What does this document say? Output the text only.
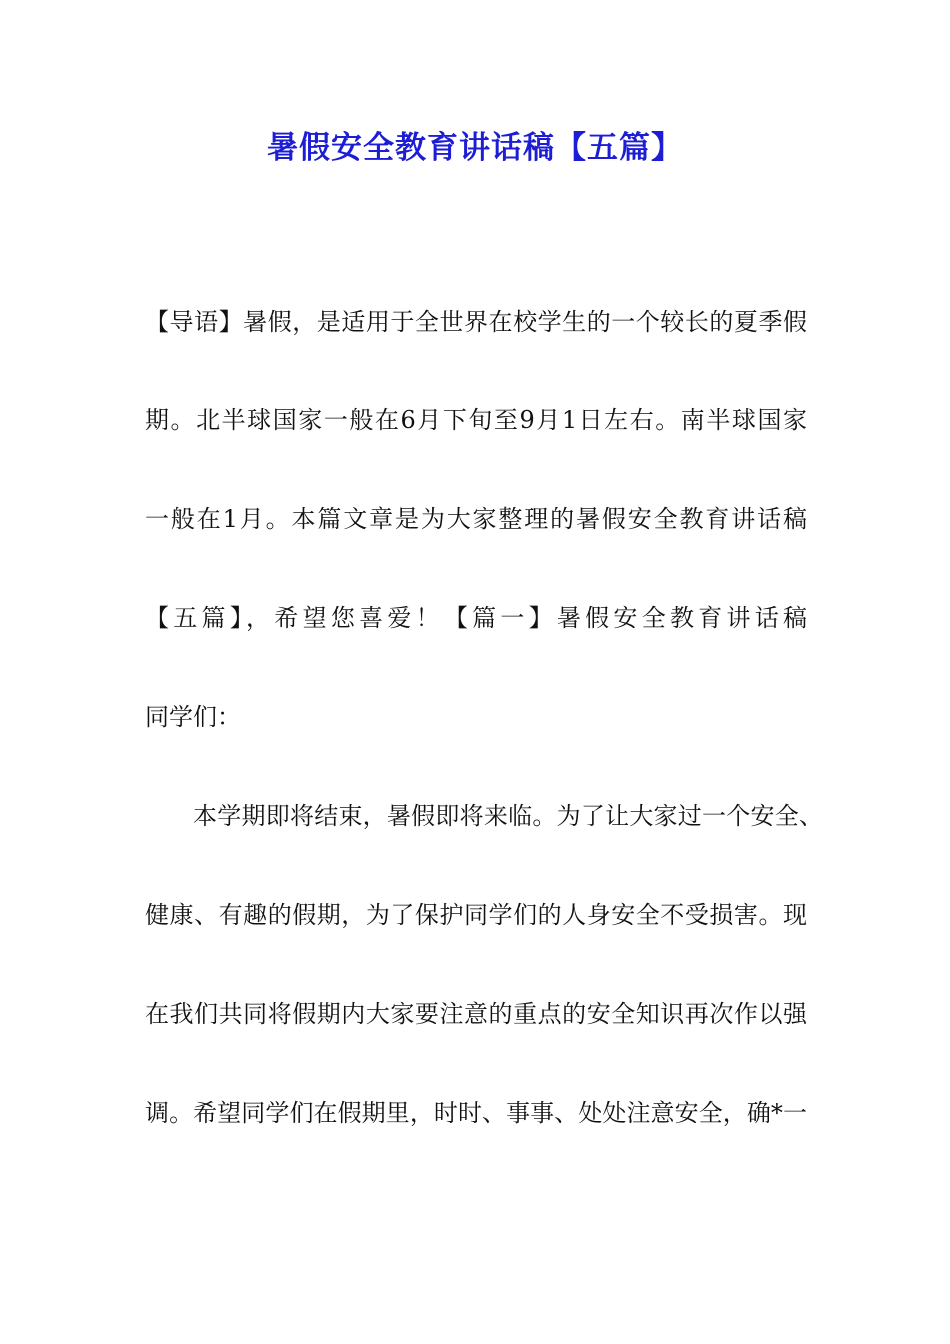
暑假安全教育讲话稿【五篇】
【导语】暑假，是适用于全世界在校学生的一个较长的夏季假
期。北半球国家一般在6月下旬至9月1日左右。南半球国家
一般在1月。本篇文章是为大家整理的暑假安全教育讲话稿
【五篇】，希望您喜爱！【篇一】暑假安全教育讲话稿
同学们：
本学期即将结束，暑假即将来临。为了让大家过一个安全、
健康、有趣的假期，为了保护同学们的人身安全不受损害。现
在我们共同将假期内大家要注意的重点的安全知识再次作以强
调。希望同学们在假期里，时时、事事、处处注意安全，确*一
